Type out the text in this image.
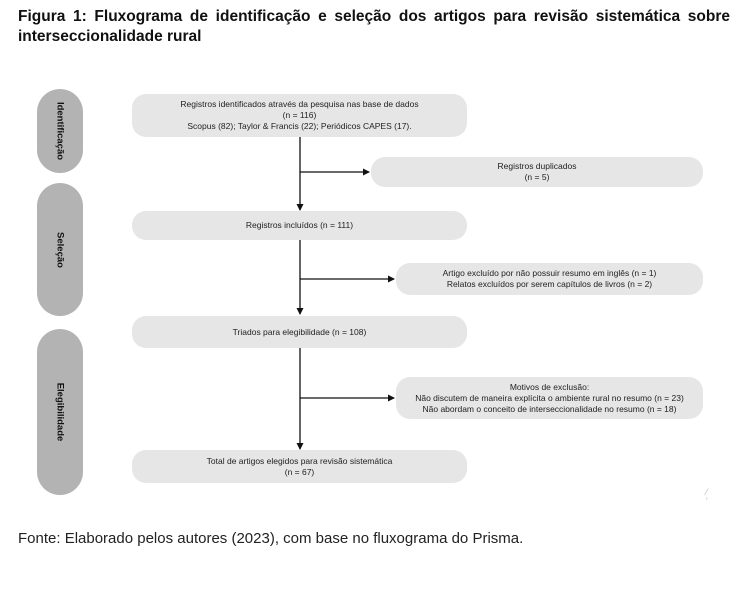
Figura 1: Fluxograma de identificação e seleção dos artigos para revisão sistemática sobre interseccionalidade rural
Identificação
Seleção
Elegibilidade
Registros identificados através da pesquisa nas base de dados
(n = 116)
Scopus (82); Taylor & Francis (22); Periódicos CAPES (17).
Registros duplicados
(n = 5)
Registros incluídos (n = 111)
Artigo excluído por não possuir resumo em inglês (n = 1)
Relatos excluídos por serem capítulos de livros (n = 2)
Triados para elegibilidade (n = 108)
Motivos de exclusão:
Não discutem de maneira explícita o ambiente rural no resumo (n = 23)
Não abordam o conceito de interseccionalidade no resumo (n = 18)
Total de artigos elegidos para revisão sistemática
(n = 67)
⁄
′
Fonte: Elaborado pelos autores (2023), com base no fluxograma do Prisma.
